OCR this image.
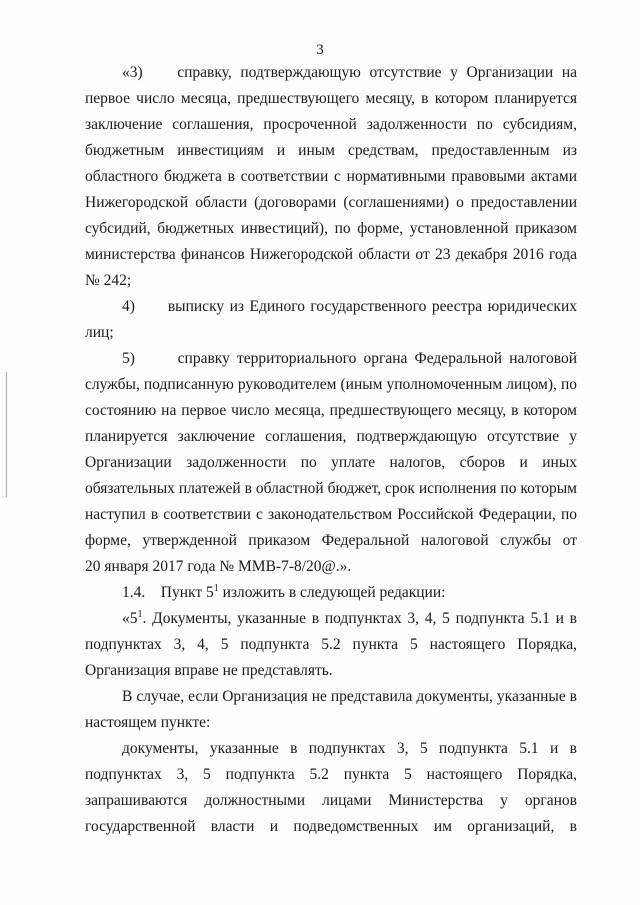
3
«3)    справку, подтверждающую отсутствие у Организации на
первое число месяца, предшествующего месяцу, в котором планируется
заключение соглашения, просроченной задолженности по субсидиям,
бюджетным инвестициям и иным средствам, предоставленным из
областного бюджета в соответствии с нормативными правовыми актами
Нижегородской области (договорами (соглашениями) о предоставлении
субсидий, бюджетных инвестиций), по форме, установленной приказом
министерства финансов Нижегородской области от 23 декабря 2016 года
№ 242;
4)      выписку из Единого государственного реестра юридических
лиц;
5)      справку территориального органа Федеральной налоговой
службы, подписанную руководителем (иным уполномоченным лицом), по
состоянию на первое число месяца, предшествующего месяцу, в котором
планируется заключение соглашения, подтверждающую отсутствие у
Организации задолженности по уплате налогов, сборов и иных
обязательных платежей в областной бюджет, срок исполнения по которым
наступил в соответствии с законодательством Российской Федерации, по
форме, утвержденной приказом Федеральной налоговой службы от
20 января 2017 года № ММВ-7-8/20@.».
1.4.    Пункт $5^1$ изложить в следующей редакции:
«$5^1$. Документы, указанные в подпунктах 3, 4, 5 подпункта 5.1 и в
подпунктах 3, 4, 5 подпункта 5.2 пункта 5 настоящего Порядка,
Организация вправе не представлять.
В случае, если Организация не представила документы, указанные в
настоящем пункте:
документы, указанные в подпунктах 3, 5 подпункта 5.1 и в
подпунктах 3, 5 подпункта 5.2 пункта 5 настоящего Порядка,
запрашиваются должностными лицами Министерства у органов
государственной власти и подведомственных им организаций, в
